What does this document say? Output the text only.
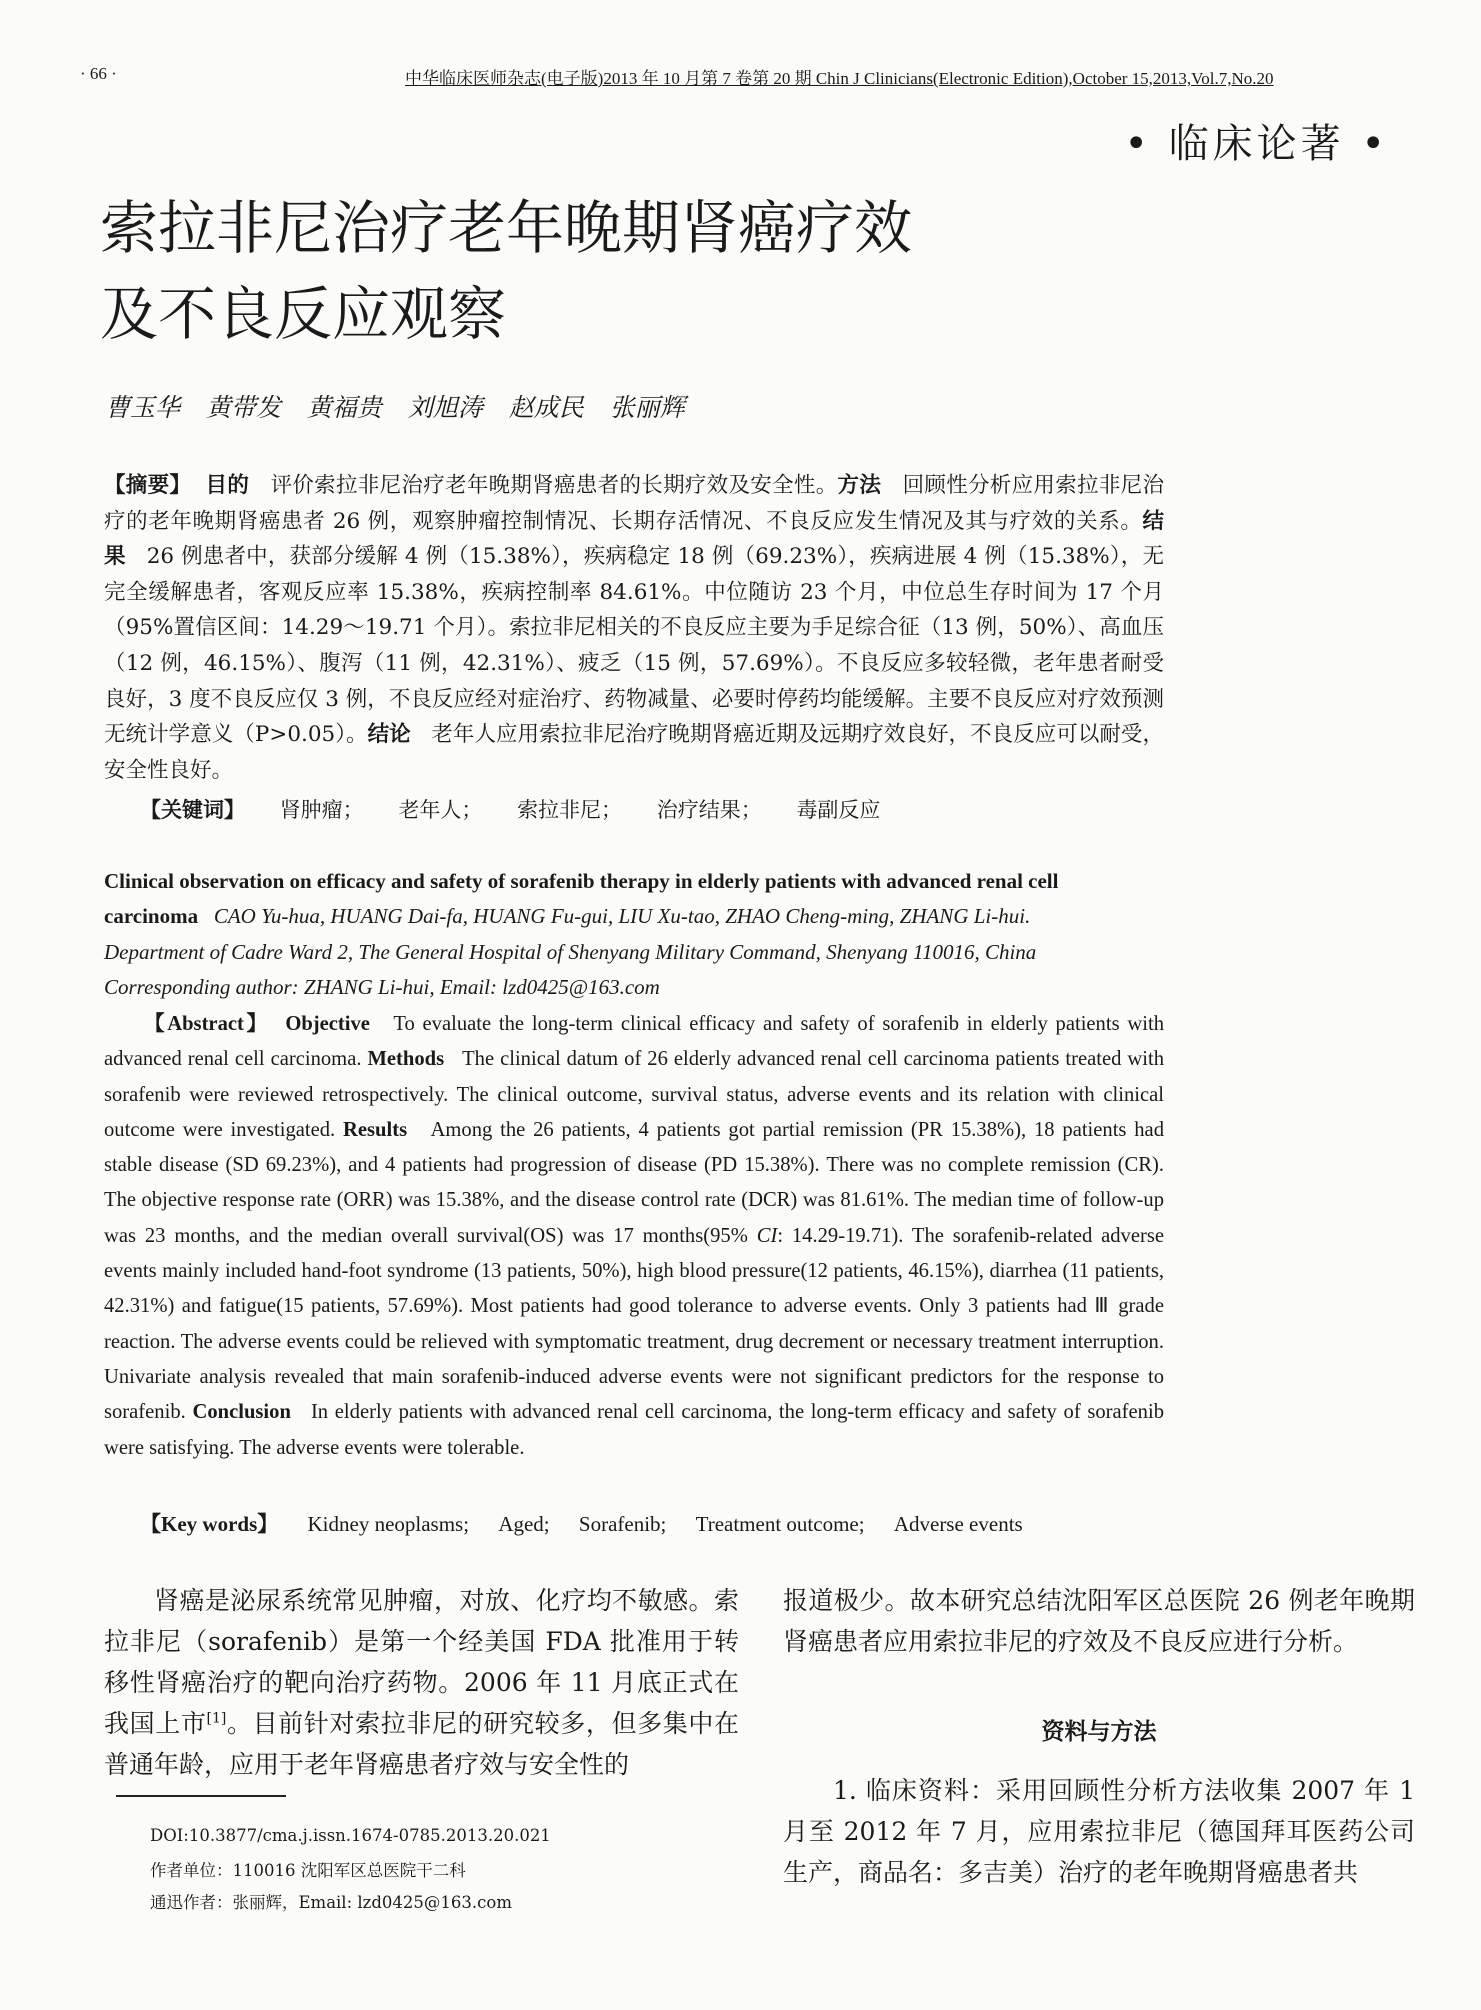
· 66 ·	中华临床医师杂志(电子版)2013 年 10 月第 7 卷第 20 期 Chin J Clinicians(Electronic Edition),October 15,2013,Vol.7,No.20
• 临床论著 •
索拉非尼治疗老年晚期肾癌疗效
及不良反应观察
曹玉华 黄带发 黄福贵 刘旭涛 赵成民 张丽辉

【摘要】 目的 评价索拉非尼治疗老年晚期肾癌患者的长期疗效及安全性。方法 回顾性分析应用索拉非尼治疗的老年晚期肾癌患者 26 例，观察肿瘤控制情况、长期存活情况、不良反应发生情况及其与疗效的关系。结果 26 例患者中，获部分缓解 4 例（15.38%），疾病稳定 18 例（69.23%），疾病进展 4 例（15.38%），无完全缓解患者，客观反应率 15.38%，疾病控制率 84.61%。中位随访 23 个月，中位总生存时间为 17 个月（95%置信区间：14.29～19.71 个月）。索拉非尼相关的不良反应主要为手足综合征（13 例，50%）、高血压（12 例，46.15%）、腹泻（11 例，42.31%）、疲乏（15 例，57.69%）。不良反应多较轻微，老年患者耐受良好，3 度不良反应仅 3 例，不良反应经对症治疗、药物减量、必要时停药均能缓解。主要不良反应对疗效预测无统计学意义（P>0.05）。结论 老年人应用索拉非尼治疗晚期肾癌近期及远期疗效良好，不良反应可以耐受，安全性良好。

【关键词】 肾肿瘤； 老年人； 索拉非尼； 治疗结果； 毒副反应

Clinical observation on efficacy and safety of sorafenib therapy in elderly patients with advanced renal cell carcinoma CAO Yu-hua, HUANG Dai-fa, HUANG Fu-gui, LIU Xu-tao, ZHAO Cheng-ming, ZHANG Li-hui.
Department of Cadre Ward 2, The General Hospital of Shenyang Military Command, Shenyang 110016, China
Corresponding author: ZHANG Li-hui, Email: lzd0425@163.com

【Abstract】 Objective To evaluate the long-term clinical efficacy and safety of sorafenib in elderly patients with advanced renal cell carcinoma. Methods The clinical datum of 26 elderly advanced renal cell carcinoma patients treated with sorafenib were reviewed retrospectively. The clinical outcome, survival status, adverse events and its relation with clinical outcome were investigated. Results Among the 26 patients, 4 patients got partial remission (PR 15.38%), 18 patients had stable disease (SD 69.23%), and 4 patients had progression of disease (PD 15.38%). There was no complete remission (CR). The objective response rate (ORR) was 15.38%, and the disease control rate (DCR) was 81.61%. The median time of follow-up was 23 months, and the median overall survival(OS) was 17 months(95% CI: 14.29-19.71). The sorafenib-related adverse events mainly included hand-foot syndrome (13 patients, 50%), high blood pressure(12 patients, 46.15%), diarrhea (11 patients, 42.31%) and fatigue(15 patients, 57.69%). Most patients had good tolerance to adverse events. Only 3 patients had Ⅲ grade reaction. The adverse events could be relieved with symptomatic treatment, drug decrement or necessary treatment interruption. Univariate analysis revealed that main sorafenib-induced adverse events were not significant predictors for the response to sorafenib. Conclusion In elderly patients with advanced renal cell carcinoma, the long-term efficacy and safety of sorafenib were satisfying. The adverse events were tolerable.

【Key words】 Kidney neoplasms; Aged; Sorafenib; Treatment outcome; Adverse events

肾癌是泌尿系统常见肿瘤，对放、化疗均不敏感。索拉非尼（sorafenib）是第一个经美国 FDA 批准用于转移性肾癌治疗的靶向治疗药物。2006 年 11 月底正式在我国上市[1]。目前针对索拉非尼的研究较多，但多集中在普通年龄，应用于老年肾癌患者疗效与安全性的

报道极少。故本研究总结沈阳军区总医院 26 例老年晚期肾癌患者应用索拉非尼的疗效及不良反应进行分析。

资料与方法

1. 临床资料：采用回顾性分析方法收集 2007 年 1 月至 2012 年 7 月，应用索拉非尼（德国拜耳医药公司生产，商品名：多吉美）治疗的老年晚期肾癌患者共

DOI:10.3877/cma.j.issn.1674-0785.2013.20.021
作者单位：110016 沈阳军区总医院干二科
通迅作者：张丽辉，Email: lzd0425@163.com
